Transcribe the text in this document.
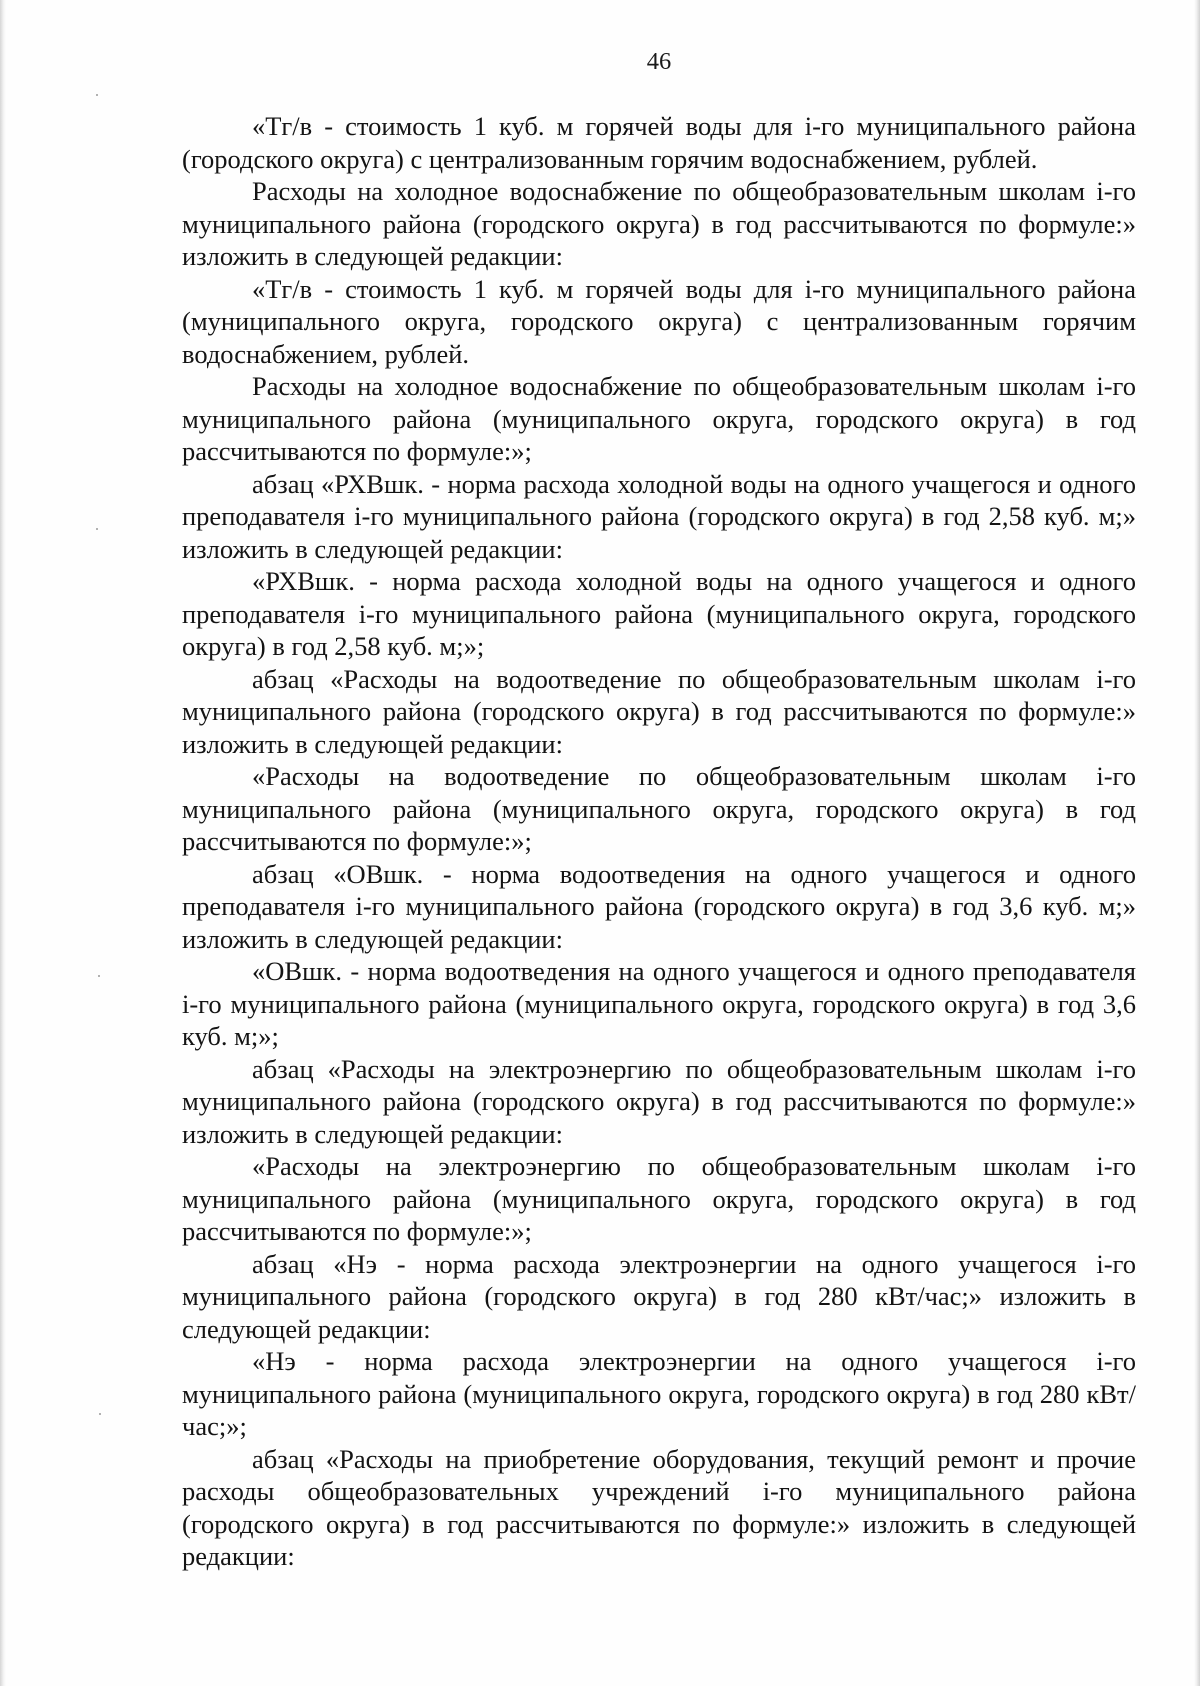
46

«Тг/в - стоимость 1 куб. м горячей воды для i-го муниципального района (городского округа) с централизованным горячим водоснабжением, рублей.

Расходы на холодное водоснабжение по общеобразовательным школам i-го муниципального района (городского округа) в год рассчитываются по формуле:» изложить в следующей редакции:

«Тг/в - стоимость 1 куб. м горячей воды для i-го муниципального района (муниципального округа, городского округа) с централизованным горячим водоснабжением, рублей.

Расходы на холодное водоснабжение по общеобразовательным школам i-го муниципального района (муниципального округа, городского округа) в год рассчитываются по формуле:»;

абзац «РХВшк. - норма расхода холодной воды на одного учащегося и одного преподавателя i-го муниципального района (городского округа) в год 2,58 куб. м;» изложить в следующей редакции:

«РХВшк. - норма расхода холодной воды на одного учащегося и одного преподавателя i-го муниципального района (муниципального округа, городского округа) в год 2,58 куб. м;»;

абзац «Расходы на водоотведение по общеобразовательным школам i-го муниципального района (городского округа) в год рассчитываются по формуле:» изложить в следующей редакции:

«Расходы на водоотведение по общеобразовательным школам i-го муниципального района (муниципального округа, городского округа) в год рассчитываются по формуле:»;

абзац «ОВшк. - норма водоотведения на одного учащегося и одного преподавателя i-го муниципального района (городского округа) в год 3,6 куб. м;» изложить в следующей редакции:

«ОВшк. - норма водоотведения на одного учащегося и одного преподавателя i-го муниципального района (муниципального округа, городского округа) в год 3,6 куб. м;»;

абзац «Расходы на электроэнергию по общеобразовательным школам i-го муниципального района (городского округа) в год рассчитываются по формуле:» изложить в следующей редакции:

«Расходы на электроэнергию по общеобразовательным школам i-го муниципального района (муниципального округа, городского округа) в год рассчитываются по формуле:»;

абзац «Нэ - норма расхода электроэнергии на одного учащегося i-го муниципального района (городского округа) в год 280 кВт/час;» изложить в следующей редакции:

«Нэ - норма расхода электроэнергии на одного учащегося i-го муниципального района (муниципального округа, городского округа) в год 280 кВт/час;»;

абзац «Расходы на приобретение оборудования, текущий ремонт и прочие расходы общеобразовательных учреждений i-го муниципального района (городского округа) в год рассчитываются по формуле:» изложить в следующей редакции:
